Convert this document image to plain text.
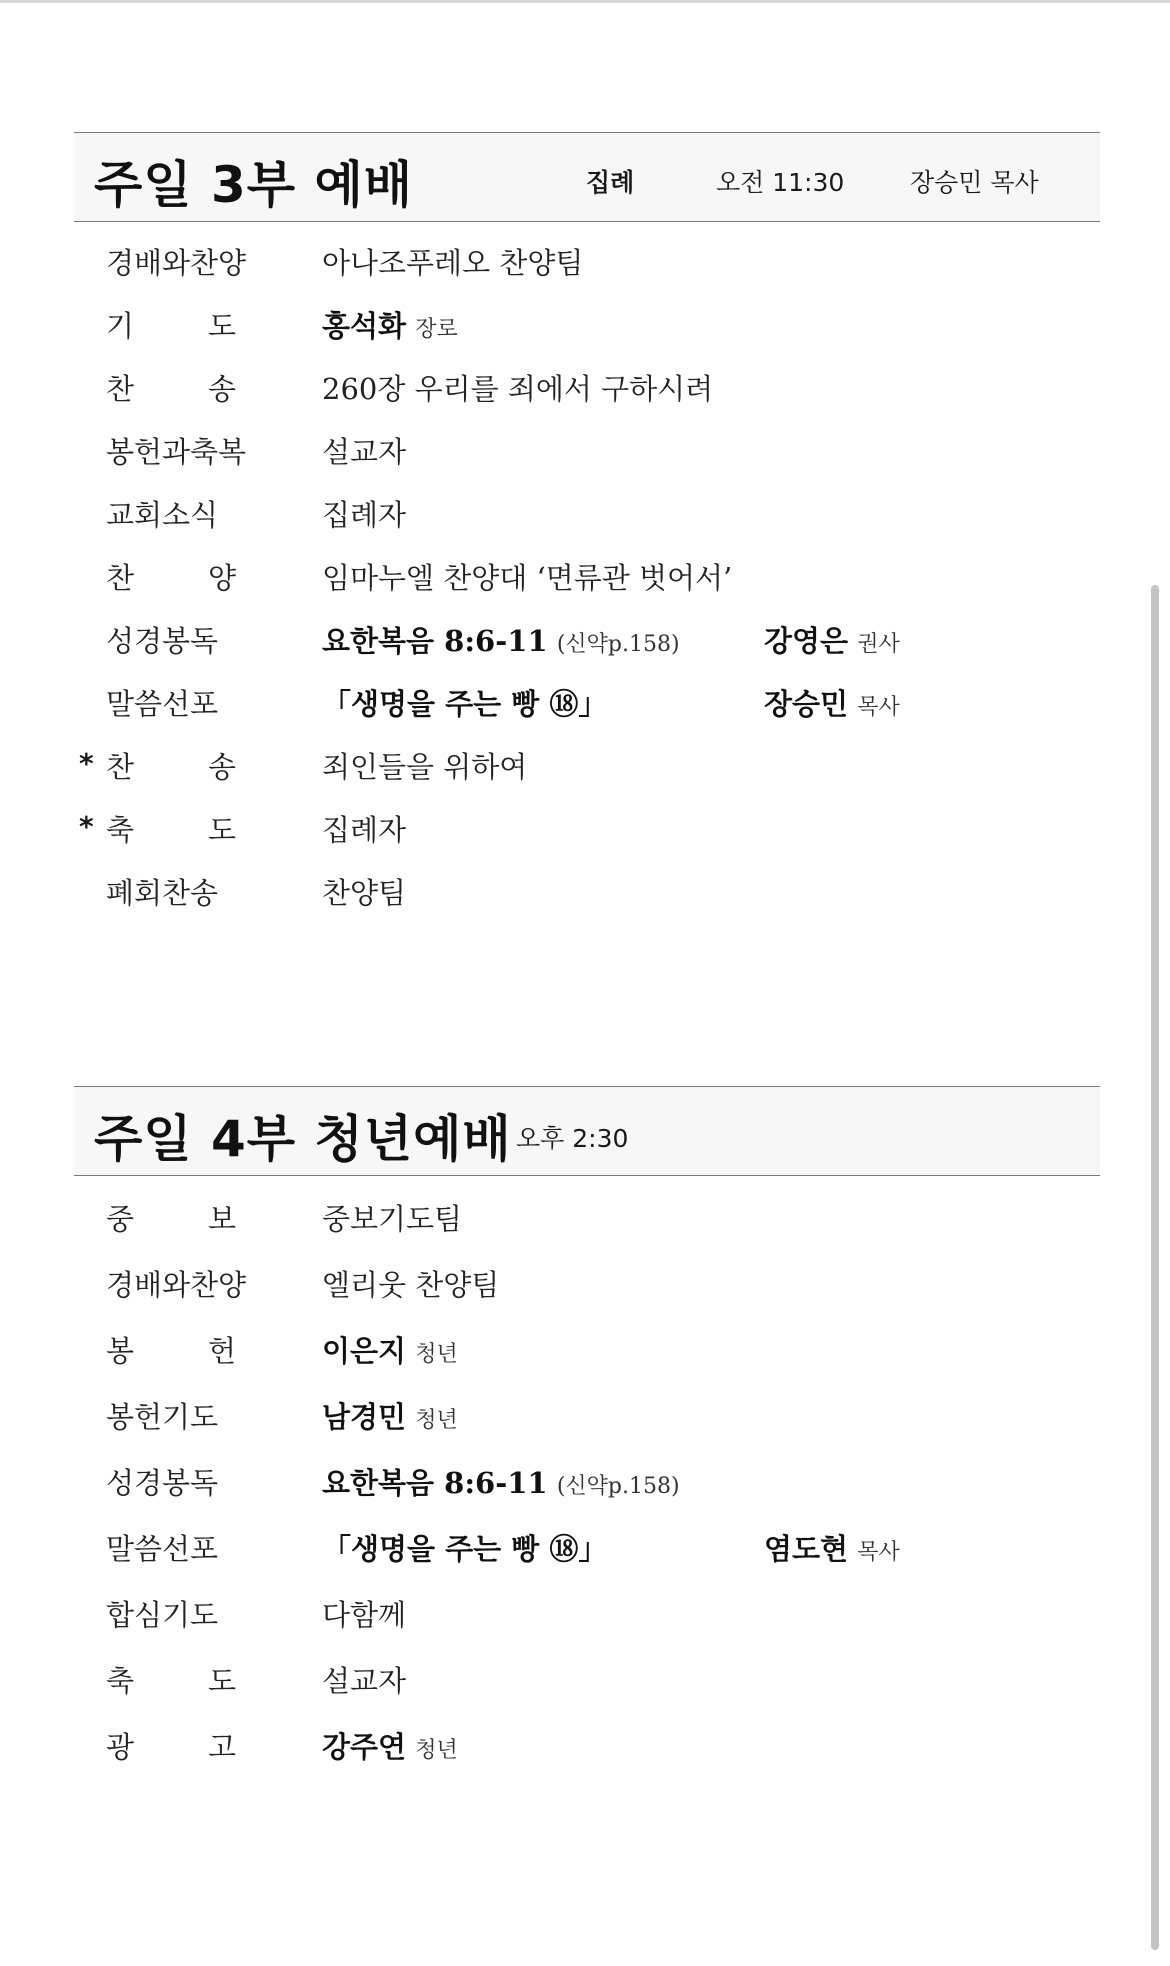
주일 3부 예배	집례	오전 11:30	장승민 목사
경배와찬양	아나조푸레오 찬양팀
기	도	홍석화 장로
찬	송	260장 우리를 죄에서 구하시려
봉헌과축복	설교자
교회소식	집례자
찬	양	임마누엘 찬양대 ‘면류관 벗어서’
성경봉독	요한복음 8:6-11 (신약p.158)	강영은 권사
말씀선포	「생명을 주는 빵 ⑱」	장승민 목사
* 찬	송	죄인들을 위하여
* 축	도	집례자
폐회찬송	찬양팀
주일 4부 청년예배 오후 2:30
중	보	중보기도팀
경배와찬양	엘리웃 찬양팀
봉	헌	이은지 청년
봉헌기도	남경민 청년
성경봉독	요한복음 8:6-11 (신약p.158)
말씀선포	「생명을 주는 빵 ⑱」	염도현 목사
합심기도	다함께
축	도	설교자
광	고	강주연 청년
